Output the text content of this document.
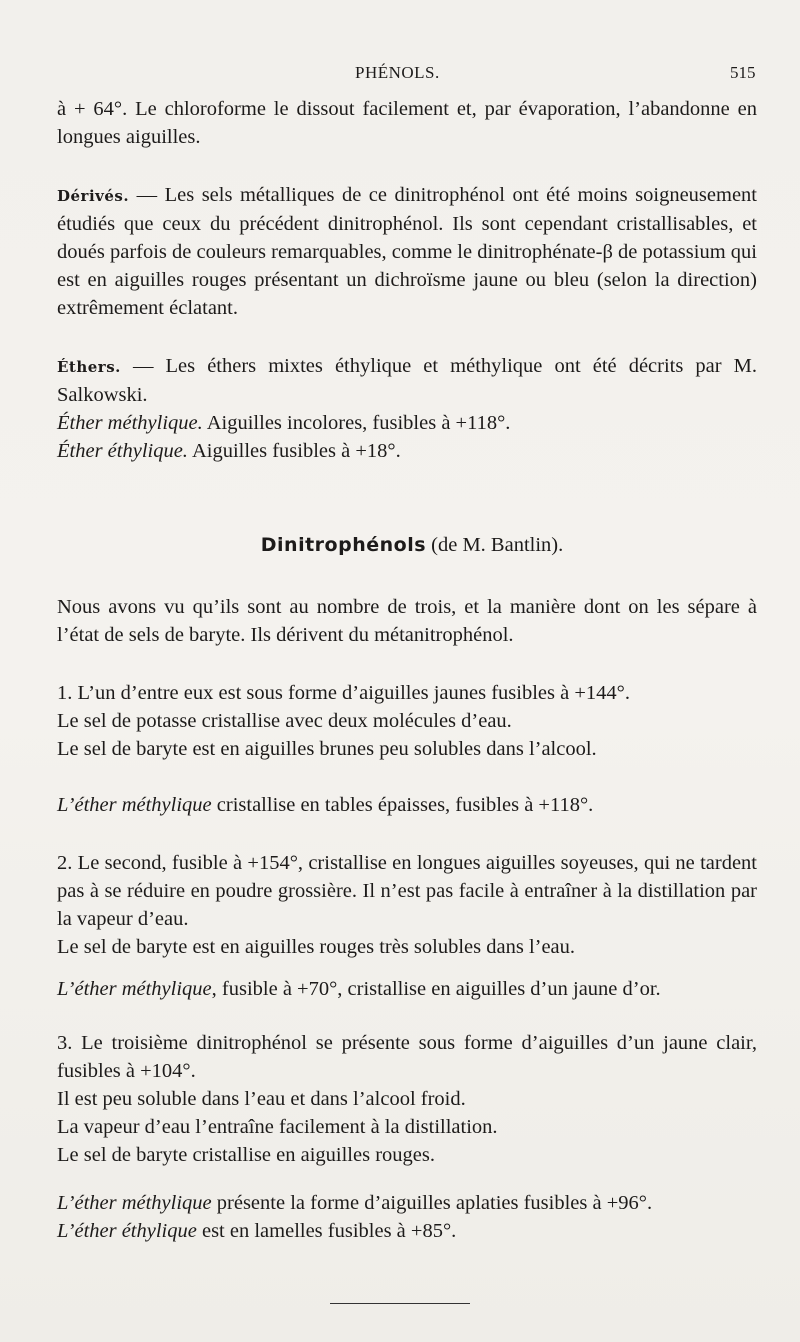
PHÉNOLS.	515

à + 64°. Le chloroforme le dissout facilement et, par évaporation, l’abandonne en longues aiguilles.

Dérivés. — Les sels métalliques de ce dinitrophénol ont été moins soigneusement étudiés que ceux du précédent dinitrophénol. Ils sont cependant cristallisables, et doués parfois de couleurs remarquables, comme le dinitrophénate-β de potassium qui est en aiguilles rouges présentant un dichroïsme jaune ou bleu (selon la direction) extrêmement éclatant.

Éthers. — Les éthers mixtes éthylique et méthylique ont été décrits par M. Salkowski.

Éther méthylique. Aiguilles incolores, fusibles à +118°.

Éther éthylique. Aiguilles fusibles à +18°.

Dinitrophénols (de M. Bantlin).

Nous avons vu qu’ils sont au nombre de trois, et la manière dont on les sépare à l’état de sels de baryte. Ils dérivent du métanitrophénol.

1. L’un d’entre eux est sous forme d’aiguilles jaunes fusibles à +144°.

Le sel de potasse cristallise avec deux molécules d’eau.

Le sel de baryte est en aiguilles brunes peu solubles dans l’alcool.

L’éther méthylique cristallise en tables épaisses, fusibles à +118°.

2. Le second, fusible à +154°, cristallise en longues aiguilles soyeuses, qui ne tardent pas à se réduire en poudre grossière. Il n’est pas facile à entraîner à la distillation par la vapeur d’eau.

Le sel de baryte est en aiguilles rouges très solubles dans l’eau.

L’éther méthylique, fusible à +70°, cristallise en aiguilles d’un jaune d’or.

3. Le troisième dinitrophénol se présente sous forme d’aiguilles d’un jaune clair, fusibles à +104°.

Il est peu soluble dans l’eau et dans l’alcool froid.

La vapeur d’eau l’entraîne facilement à la distillation.

Le sel de baryte cristallise en aiguilles rouges.

L’éther méthylique présente la forme d’aiguilles aplaties fusibles à +96°.

L’éther éthylique est en lamelles fusibles à +85°.
